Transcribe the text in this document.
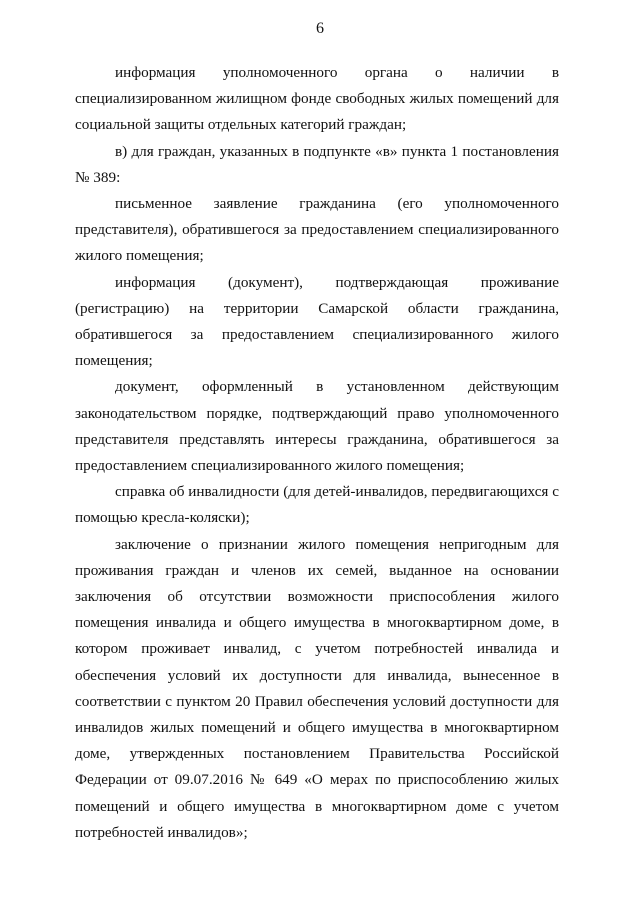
6

информация уполномоченного органа о наличии в специализированном жилищном фонде свободных жилых помещений для социальной защиты отдельных категорий граждан;

в) для граждан, указанных в подпункте «в» пункта 1 постановления № 389:

письменное заявление гражданина (его уполномоченного представителя), обратившегося за предоставлением специализированного жилого помещения;

информация (документ), подтверждающая проживание (регистрацию) на территории Самарской области гражданина, обратившегося за предоставлением специализированного жилого помещения;

документ, оформленный в установленном действующим законодательством порядке, подтверждающий право уполномоченного представителя представлять интересы гражданина, обратившегося за предоставлением специализированного жилого помещения;

справка об инвалидности (для детей-инвалидов, передвигающихся с помощью кресла-коляски);

заключение о признании жилого помещения непригодным для проживания граждан и членов их семей, выданное на основании заключения об отсутствии возможности приспособления жилого помещения инвалида и общего имущества в многоквартирном доме, в котором проживает инвалид, с учетом потребностей инвалида и обеспечения условий их доступности для инвалида, вынесенное в соответствии с пунктом 20 Правил обеспечения условий доступности для инвалидов жилых помещений и общего имущества в многоквартирном доме, утвержденных постановлением Правительства Российской Федерации от 09.07.2016 № 649 «О мерах по приспособлению жилых помещений и общего имущества в многоквартирном доме с учетом потребностей инвалидов»;
